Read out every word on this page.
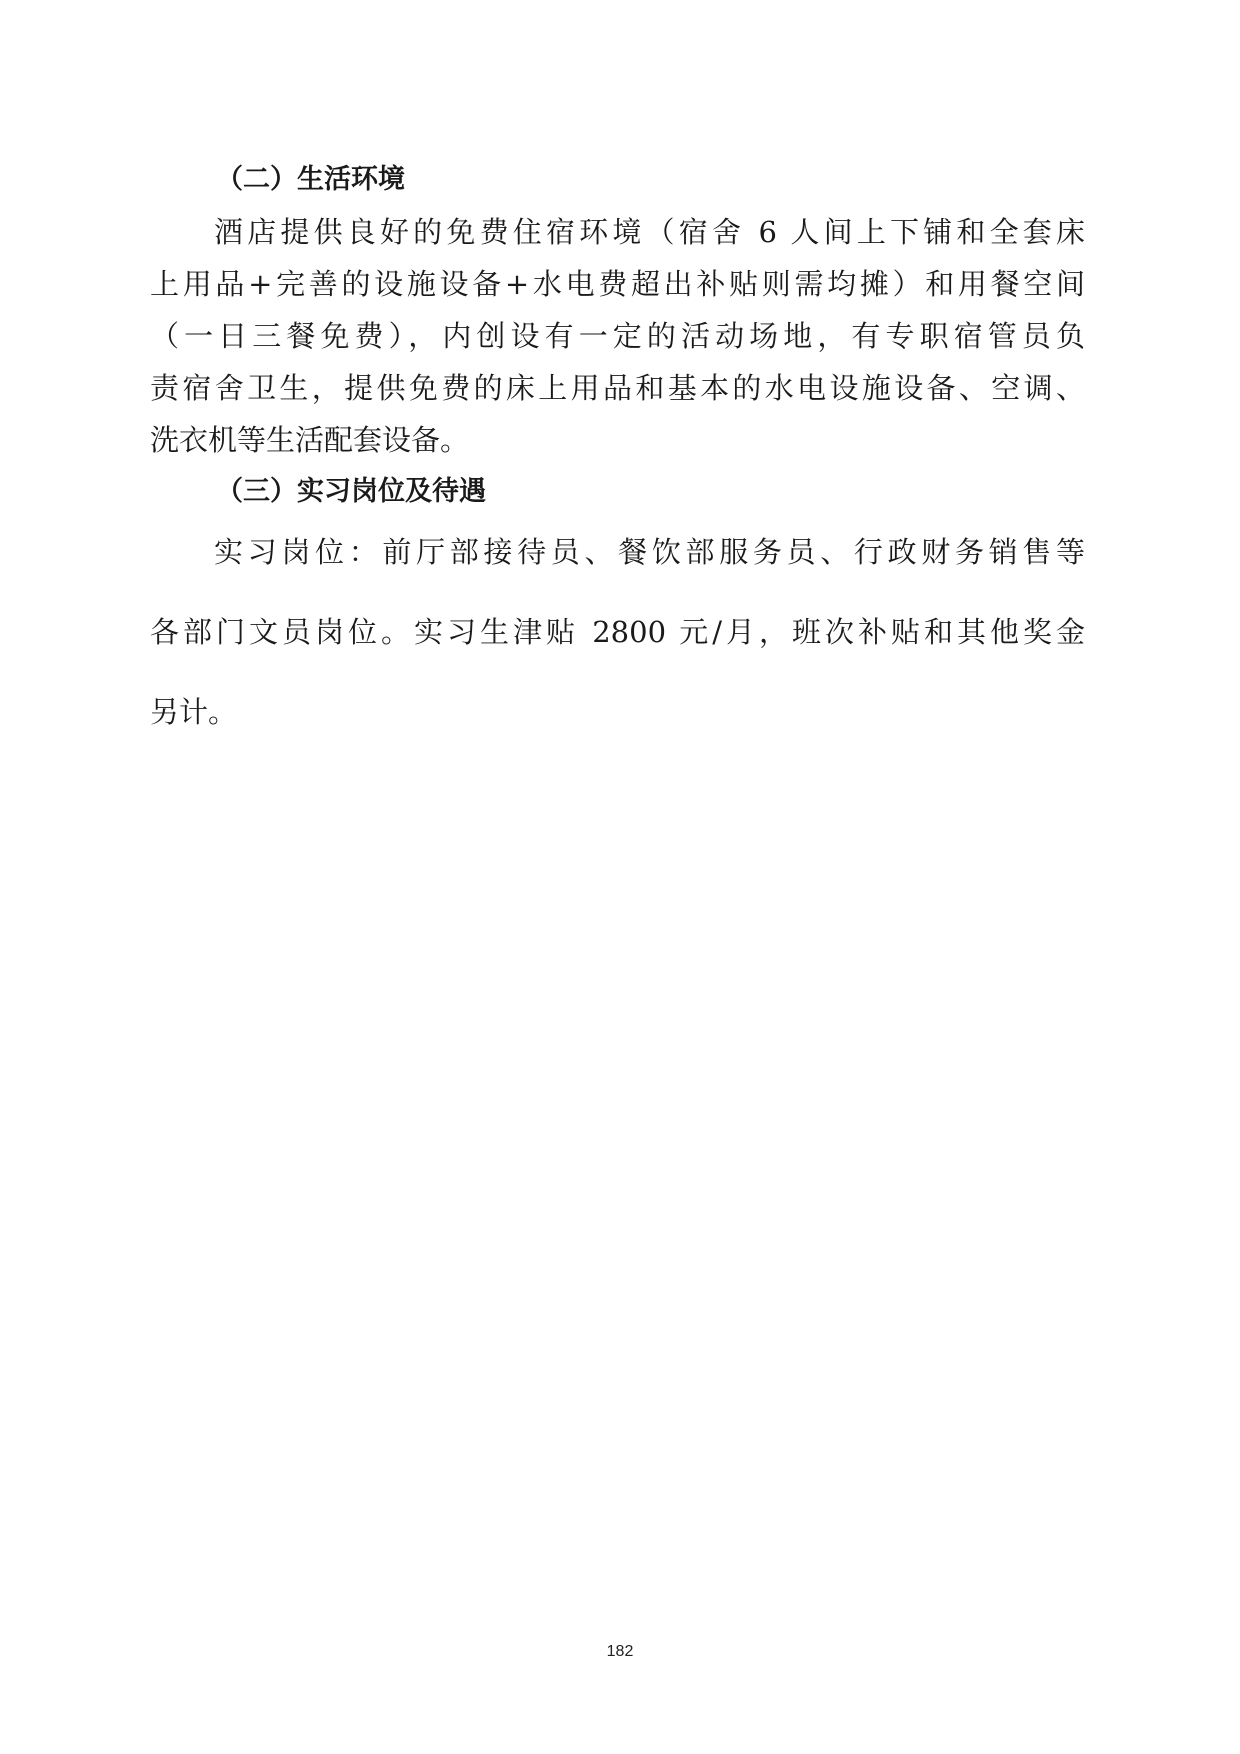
（二）生活环境
酒店提供良好的免费住宿环境（宿舍 6 人间上下铺和全套床
上用品+完善的设施设备+水电费超出补贴则需均摊）和用餐空间
（一日三餐免费），内创设有一定的活动场地，有专职宿管员负
责宿舍卫生，提供免费的床上用品和基本的水电设施设备、空调、
洗衣机等生活配套设备。
（三）实习岗位及待遇
实习岗位：前厅部接待员、餐饮部服务员、行政财务销售等
各部门文员岗位。实习生津贴 2800 元/月，班次补贴和其他奖金
另计。
182
